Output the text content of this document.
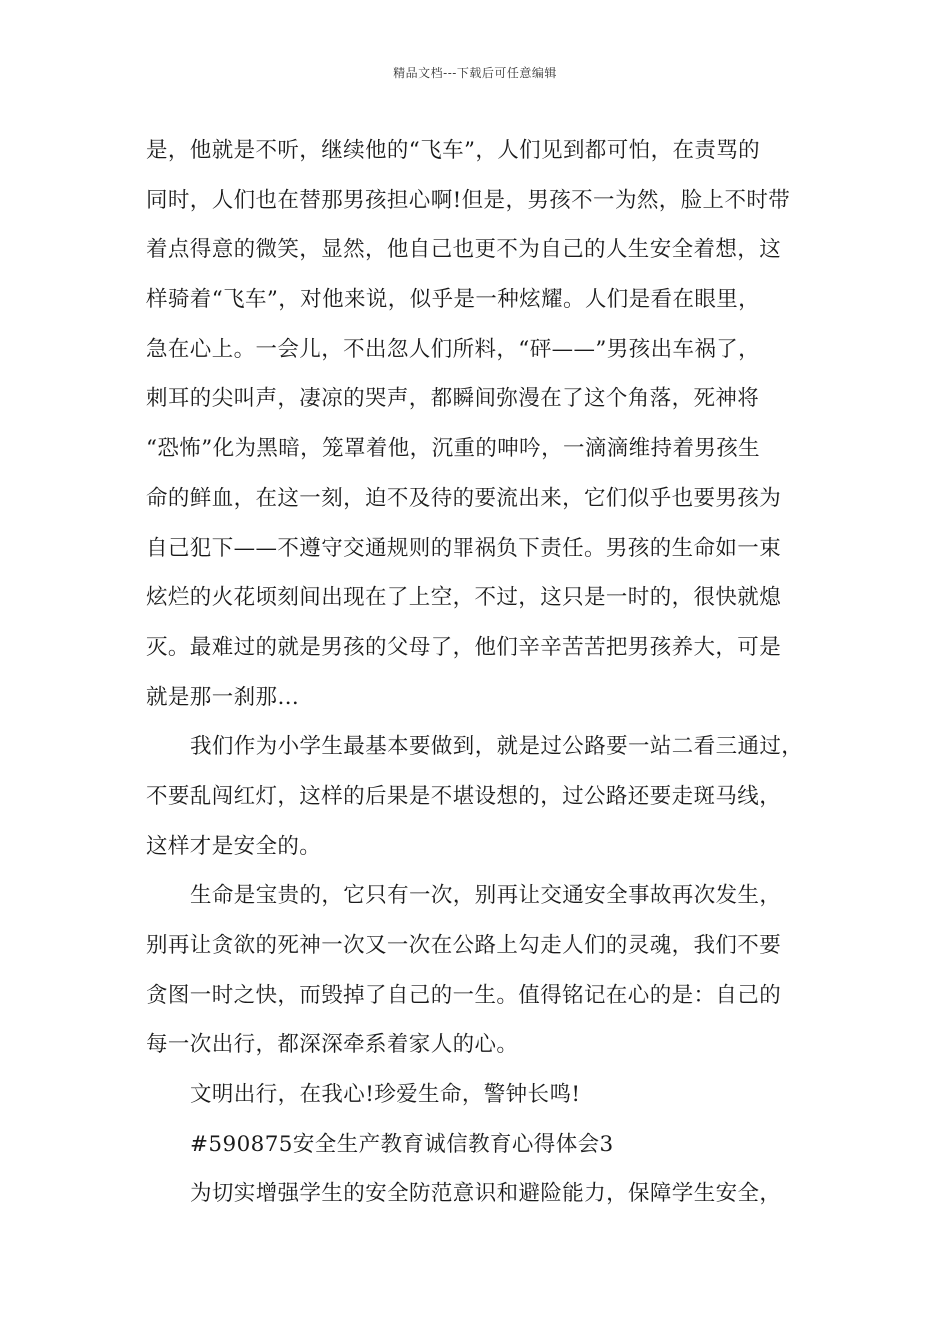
精品文档---下载后可任意编辑
是，他就是不听，继续他的“飞车”，人们见到都可怕，在责骂的
同时，人们也在替那男孩担心啊!但是，男孩不一为然，脸上不时带
着点得意的微笑，显然，他自己也更不为自己的人生安全着想，这
样骑着“飞车”，对他来说，似乎是一种炫耀。人们是看在眼里，
急在心上。一会儿，不出忽人们所料，“砰——”男孩出车祸了，
刺耳的尖叫声，凄凉的哭声，都瞬间弥漫在了这个角落，死神将
“恐怖”化为黑暗，笼罩着他，沉重的呻吟，一滴滴维持着男孩生
命的鲜血，在这一刻，迫不及待的要流出来，它们似乎也要男孩为
自己犯下——不遵守交通规则的罪祸负下责任。男孩的生命如一束
炫烂的火花顷刻间出现在了上空，不过，这只是一时的，很快就熄
灭。最难过的就是男孩的父母了，他们辛辛苦苦把男孩养大，可是
就是那一刹那…
我们作为小学生最基本要做到，就是过公路要一站二看三通过，
不要乱闯红灯，这样的后果是不堪设想的，过公路还要走斑马线，
这样才是安全的。
生命是宝贵的，它只有一次，别再让交通安全事故再次发生，
别再让贪欲的死神一次又一次在公路上勾走人们的灵魂，我们不要
贪图一时之快，而毁掉了自己的一生。值得铭记在心的是：自己的
每一次出行，都深深牵系着家人的心。
文明出行，在我心!珍爱生命，警钟长鸣!
#590875安全生产教育诚信教育心得体会3
为切实增强学生的安全防范意识和避险能力，保障学生安全，
